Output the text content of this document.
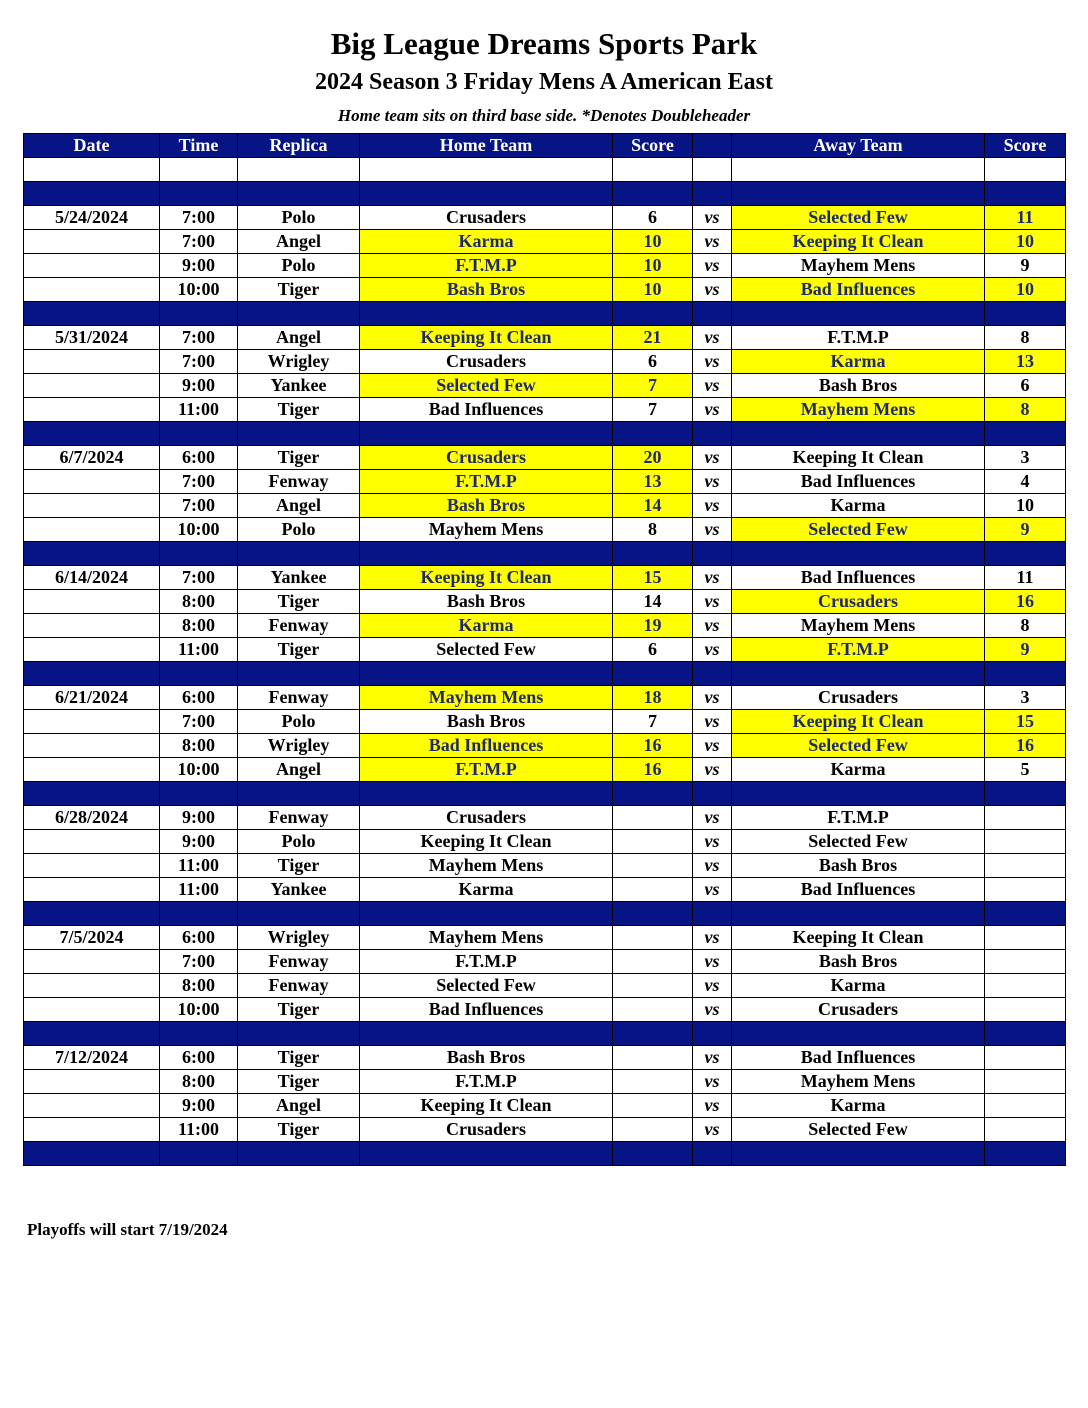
Big League Dreams Sports Park
2024 Season 3 Friday Mens A American East
Home team sits on third base side. *Denotes Doubleheader
Date	Time	Replica	Home Team	Score		Away Team	Score

5/24/2024	7:00	Polo	Crusaders	6	vs	Selected Few	11
	7:00	Angel	Karma	10	vs	Keeping It Clean	10
	9:00	Polo	F.T.M.P	10	vs	Mayhem Mens	9
	10:00	Tiger	Bash Bros	10	vs	Bad Influences	10

5/31/2024	7:00	Angel	Keeping It Clean	21	vs	F.T.M.P	8
	7:00	Wrigley	Crusaders	6	vs	Karma	13
	9:00	Yankee	Selected Few	7	vs	Bash Bros	6
	11:00	Tiger	Bad Influences	7	vs	Mayhem Mens	8

6/7/2024	6:00	Tiger	Crusaders	20	vs	Keeping It Clean	3
	7:00	Fenway	F.T.M.P	13	vs	Bad Influences	4
	7:00	Angel	Bash Bros	14	vs	Karma	10
	10:00	Polo	Mayhem Mens	8	vs	Selected Few	9

6/14/2024	7:00	Yankee	Keeping It Clean	15	vs	Bad Influences	11
	8:00	Tiger	Bash Bros	14	vs	Crusaders	16
	8:00	Fenway	Karma	19	vs	Mayhem Mens	8
	11:00	Tiger	Selected Few	6	vs	F.T.M.P	9

6/21/2024	6:00	Fenway	Mayhem Mens	18	vs	Crusaders	3
	7:00	Polo	Bash Bros	7	vs	Keeping It Clean	15
	8:00	Wrigley	Bad Influences	16	vs	Selected Few	16
	10:00	Angel	F.T.M.P	16	vs	Karma	5

6/28/2024	9:00	Fenway	Crusaders		vs	F.T.M.P	
	9:00	Polo	Keeping It Clean		vs	Selected Few	
	11:00	Tiger	Mayhem Mens		vs	Bash Bros	
	11:00	Yankee	Karma		vs	Bad Influences	

7/5/2024	6:00	Wrigley	Mayhem Mens		vs	Keeping It Clean	
	7:00	Fenway	F.T.M.P		vs	Bash Bros	
	8:00	Fenway	Selected Few		vs	Karma	
	10:00	Tiger	Bad Influences		vs	Crusaders	

7/12/2024	6:00	Tiger	Bash Bros		vs	Bad Influences	
	8:00	Tiger	F.T.M.P		vs	Mayhem Mens	
	9:00	Angel	Keeping It Clean		vs	Karma	
	11:00	Tiger	Crusaders		vs	Selected Few	

Playoffs will start 7/19/2024
